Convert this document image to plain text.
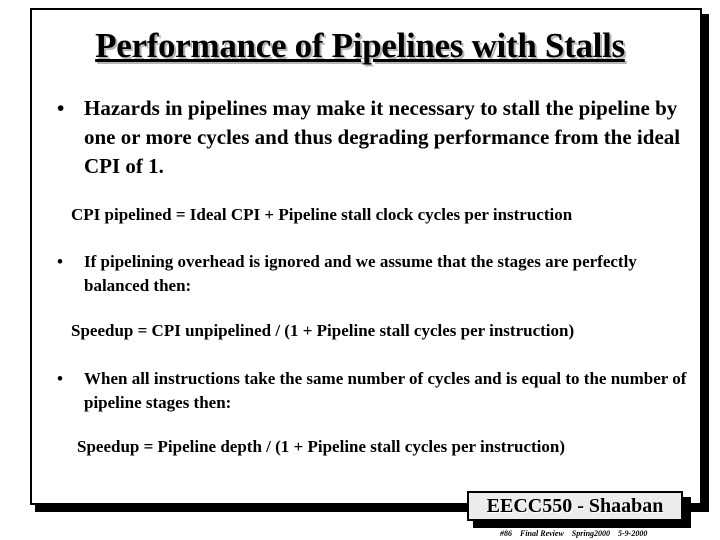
Performance of Pipelines with Stalls
• Hazards in pipelines may make it necessary to stall the pipeline by one or more cycles and thus degrading performance from the ideal CPI of 1.
CPI pipelined = Ideal CPI + Pipeline stall clock cycles per instruction
• If pipelining overhead is ignored and we assume that the stages are perfectly balanced then:
Speedup = CPI unpipelined / (1 + Pipeline stall cycles per instruction)
• When all instructions take the same number of cycles and is equal to the number of pipeline stages then:
Speedup = Pipeline depth / (1 + Pipeline stall cycles per instruction)
EECC550 - Shaaban
#86 Final Review Spring2000 5-9-2000
